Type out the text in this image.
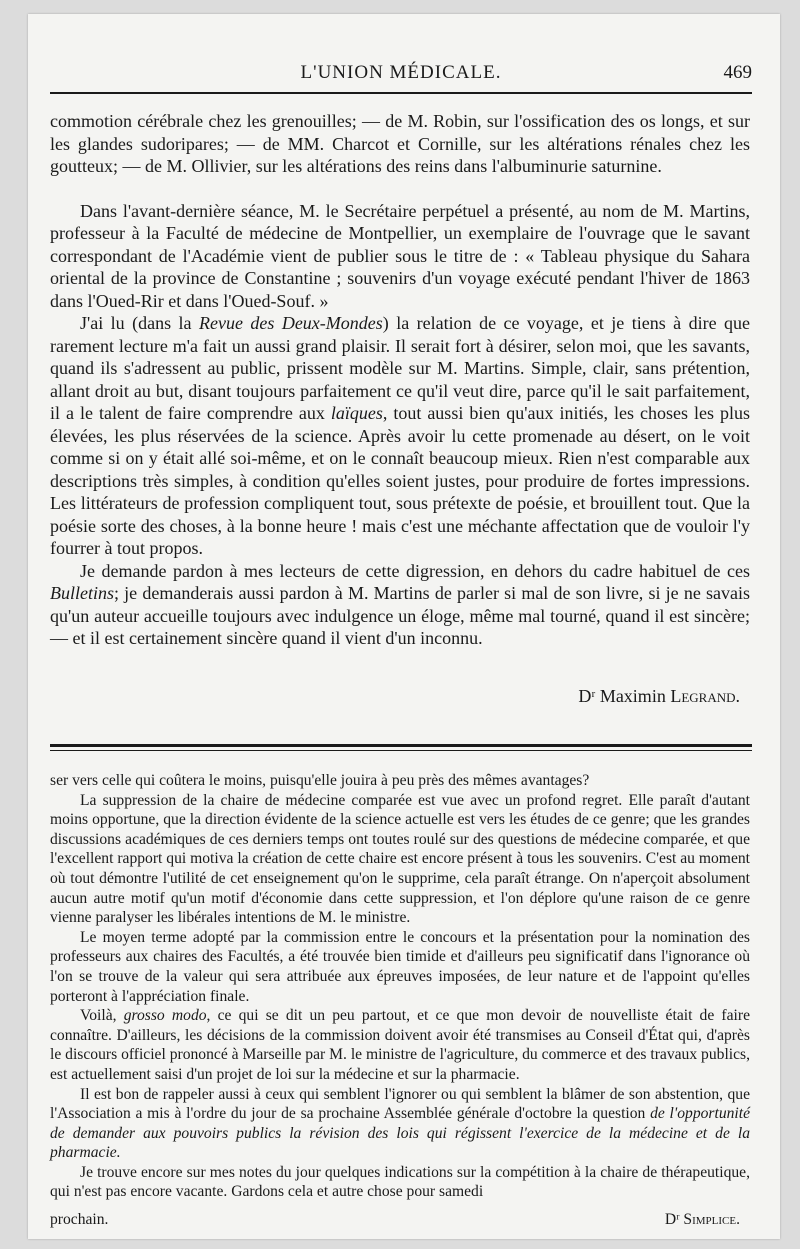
L'UNION MÉDICALE.	469

commotion cérébrale chez les grenouilles; — de M. Robin, sur l'ossification des os longs, et sur les glandes sudoripares; — de MM. Charcot et Cornille, sur les altérations rénales chez les goutteux; — de M. Ollivier, sur les altérations des reins dans l'albuminurie saturnine.

Dans l'avant-dernière séance, M. le Secrétaire perpétuel a présenté, au nom de M. Martins, professeur à la Faculté de médecine de Montpellier, un exemplaire de l'ouvrage que le savant correspondant de l'Académie vient de publier sous le titre de : « Tableau physique du Sahara oriental de la province de Constantine ; souvenirs d'un voyage exécuté pendant l'hiver de 1863 dans l'Oued-Rir et dans l'Oued-Souf. »

J'ai lu (dans la Revue des Deux-Mondes) la relation de ce voyage, et je tiens à dire que rarement lecture m'a fait un aussi grand plaisir. Il serait fort à désirer, selon moi, que les savants, quand ils s'adressent au public, prissent modèle sur M. Martins. Simple, clair, sans prétention, allant droit au but, disant toujours parfaitement ce qu'il veut dire, parce qu'il le sait parfaitement, il a le talent de faire comprendre aux laïques, tout aussi bien qu'aux initiés, les choses les plus élevées, les plus réservées de la science. Après avoir lu cette promenade au désert, on le voit comme si on y était allé soi-même, et on le connaît beaucoup mieux. Rien n'est comparable aux descriptions très simples, à condition qu'elles soient justes, pour produire de fortes impressions. Les littérateurs de profession compliquent tout, sous prétexte de poésie, et brouillent tout. Que la poésie sorte des choses, à la bonne heure ! mais c'est une méchante affectation que de vouloir l'y fourrer à tout propos.

Je demande pardon à mes lecteurs de cette digression, en dehors du cadre habituel de ces Bulletins; je demanderais aussi pardon à M. Martins de parler si mal de son livre, si je ne savais qu'un auteur accueille toujours avec indulgence un éloge, même mal tourné, quand il est sincère; — et il est certainement sincère quand il vient d'un inconnu.

Dʳ Maximin Legrand.

ser vers celle qui coûtera le moins, puisqu'elle jouira à peu près des mêmes avantages?

La suppression de la chaire de médecine comparée est vue avec un profond regret. Elle paraît d'autant moins opportune, que la direction évidente de la science actuelle est vers les études de ce genre; que les grandes discussions académiques de ces derniers temps ont toutes roulé sur des questions de médecine comparée, et que l'excellent rapport qui motiva la création de cette chaire est encore présent à tous les souvenirs. C'est au moment où tout démontre l'utilité de cet enseignement qu'on le supprime, cela paraît étrange. On n'aperçoit absolument aucun autre motif qu'un motif d'économie dans cette suppression, et l'on déplore qu'une raison de ce genre vienne paralyser les libérales intentions de M. le ministre.

Le moyen terme adopté par la commission entre le concours et la présentation pour la nomination des professeurs aux chaires des Facultés, a été trouvée bien timide et d'ailleurs peu significatif dans l'ignorance où l'on se trouve de la valeur qui sera attribuée aux épreuves imposées, de leur nature et de l'appoint qu'elles porteront à l'appréciation finale.

Voilà, grosso modo, ce qui se dit un peu partout, et ce que mon devoir de nouvelliste était de faire connaître. D'ailleurs, les décisions de la commission doivent avoir été transmises au Conseil d'État qui, d'après le discours officiel prononcé à Marseille par M. le ministre de l'agriculture, du commerce et des travaux publics, est actuellement saisi d'un projet de loi sur la médecine et sur la pharmacie.

Il est bon de rappeler aussi à ceux qui semblent l'ignorer ou qui semblent la blâmer de son abstention, que l'Association a mis à l'ordre du jour de sa prochaine Assemblée générale d'octobre la question de l'opportunité de demander aux pouvoirs publics la révision des lois qui régissent l'exercice de la médecine et de la pharmacie.

Je trouve encore sur mes notes du jour quelques indications sur la compétition à la chaire de thérapeutique, qui n'est pas encore vacante. Gardons cela et autre chose pour samedi

prochain.	Dʳ Simplice.
